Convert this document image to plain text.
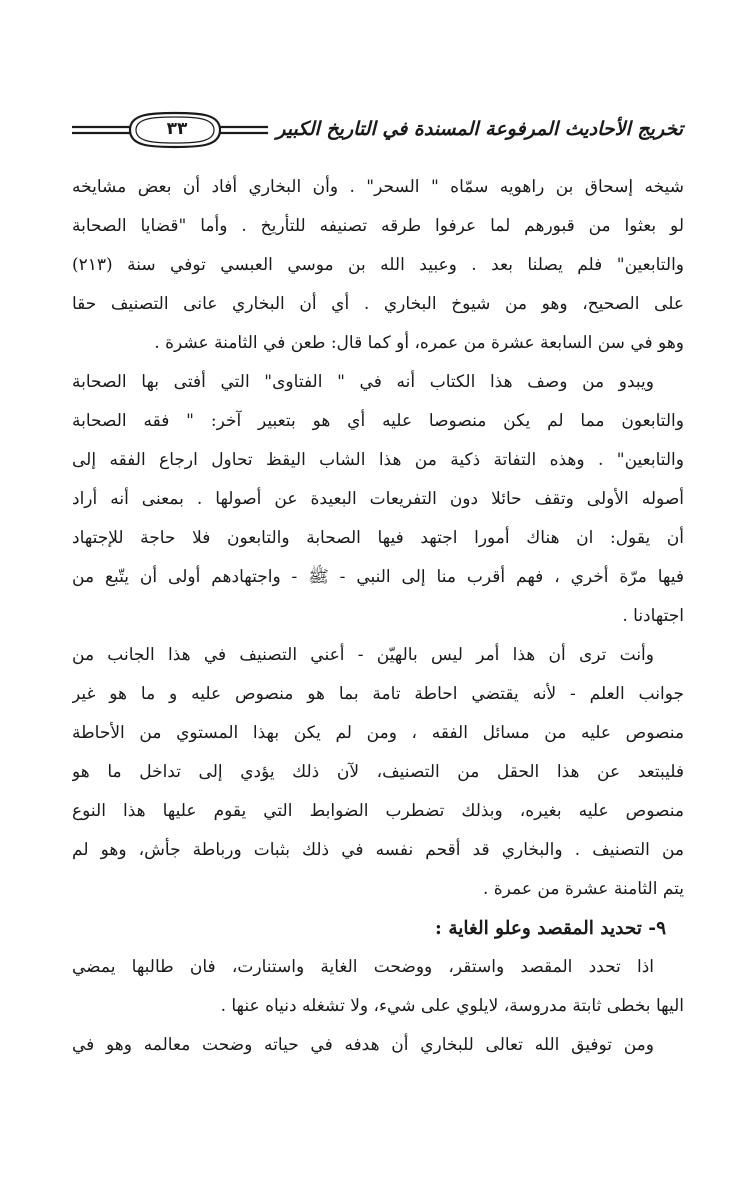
تخريج الأحاديث المرفوعة المسندة في التاريخ الكبير
٣٣
شيخه إسحاق بن راهويه سمّاه " السحر" . وأن البخاري أفاد أن بعض مشايخه
لو بعثوا من قبورهم لما عرفوا طرقه تصنيفه للتأريخ . وأما "قضايا الصحابة
والتابعين" فلم يصلنا بعد . وعبيد الله بن موسي العبسي توفي سنة (٢١٣)
على الصحيح، وهو من شيوخ البخاري . أي أن البخاري عانى التصنيف حقا
وهو في سن السابعة عشرة من عمره، أو كما قال: طعن في الثامنة عشرة .
ويبدو من وصف هذا الكتاب أنه في " الفتاوى" التي أفتى بها الصحابة
والتابعون مما لم يكن منصوصا عليه أي هو بتعبير آخر: " فقه الصحابة
والتابعين" . وهذه التفاتة ذكية من هذا الشاب اليقظ تحاول ارجاع الفقه إلى
أصوله الأولى وتقف حائلا دون التفريعات البعيدة عن أصولها . بمعنى أنه أراد
أن يقول: ان هناك أمورا اجتهد فيها الصحابة والتابعون فلا حاجة للإجتهاد
فيها مرّة أخري ، فهم أقرب منا إلى النبي - ﷺ - واجتهادهم أولى أن يتّبع من
اجتهادنا .
وأنت ترى أن هذا أمر ليس بالهيّن - أعني التصنيف في هذا الجانب من
جوانب العلم - لأنه يقتضي احاطة تامة بما هو منصوص عليه و ما هو غير
منصوص عليه من مسائل الفقه ، ومن لم يكن بهذا المستوي من الأحاطة
فليبتعد عن هذا الحقل من التصنيف، لآن ذلك يؤدي إلى تداخل ما هو
منصوص عليه بغيره، وبذلك تضطرب الضوابط التي يقوم عليها هذا النوع
من التصنيف . والبخاري قد أقحم نفسه في ذلك بثبات ورباطة جأش، وهو لم
يتم الثامنة عشرة من عمرة .
٩- تحديد المقصد وعلو الغاية :
اذا تحدد المقصد واستقر، ووضحت الغاية واستنارت، فان طالبها يمضي
اليها بخطى ثابتة مدروسة، لايلوي على شيء، ولا تشغله دنياه عنها .
ومن توفيق الله تعالى للبخاري أن هدفه في حياته وضحت معالمه وهو في
